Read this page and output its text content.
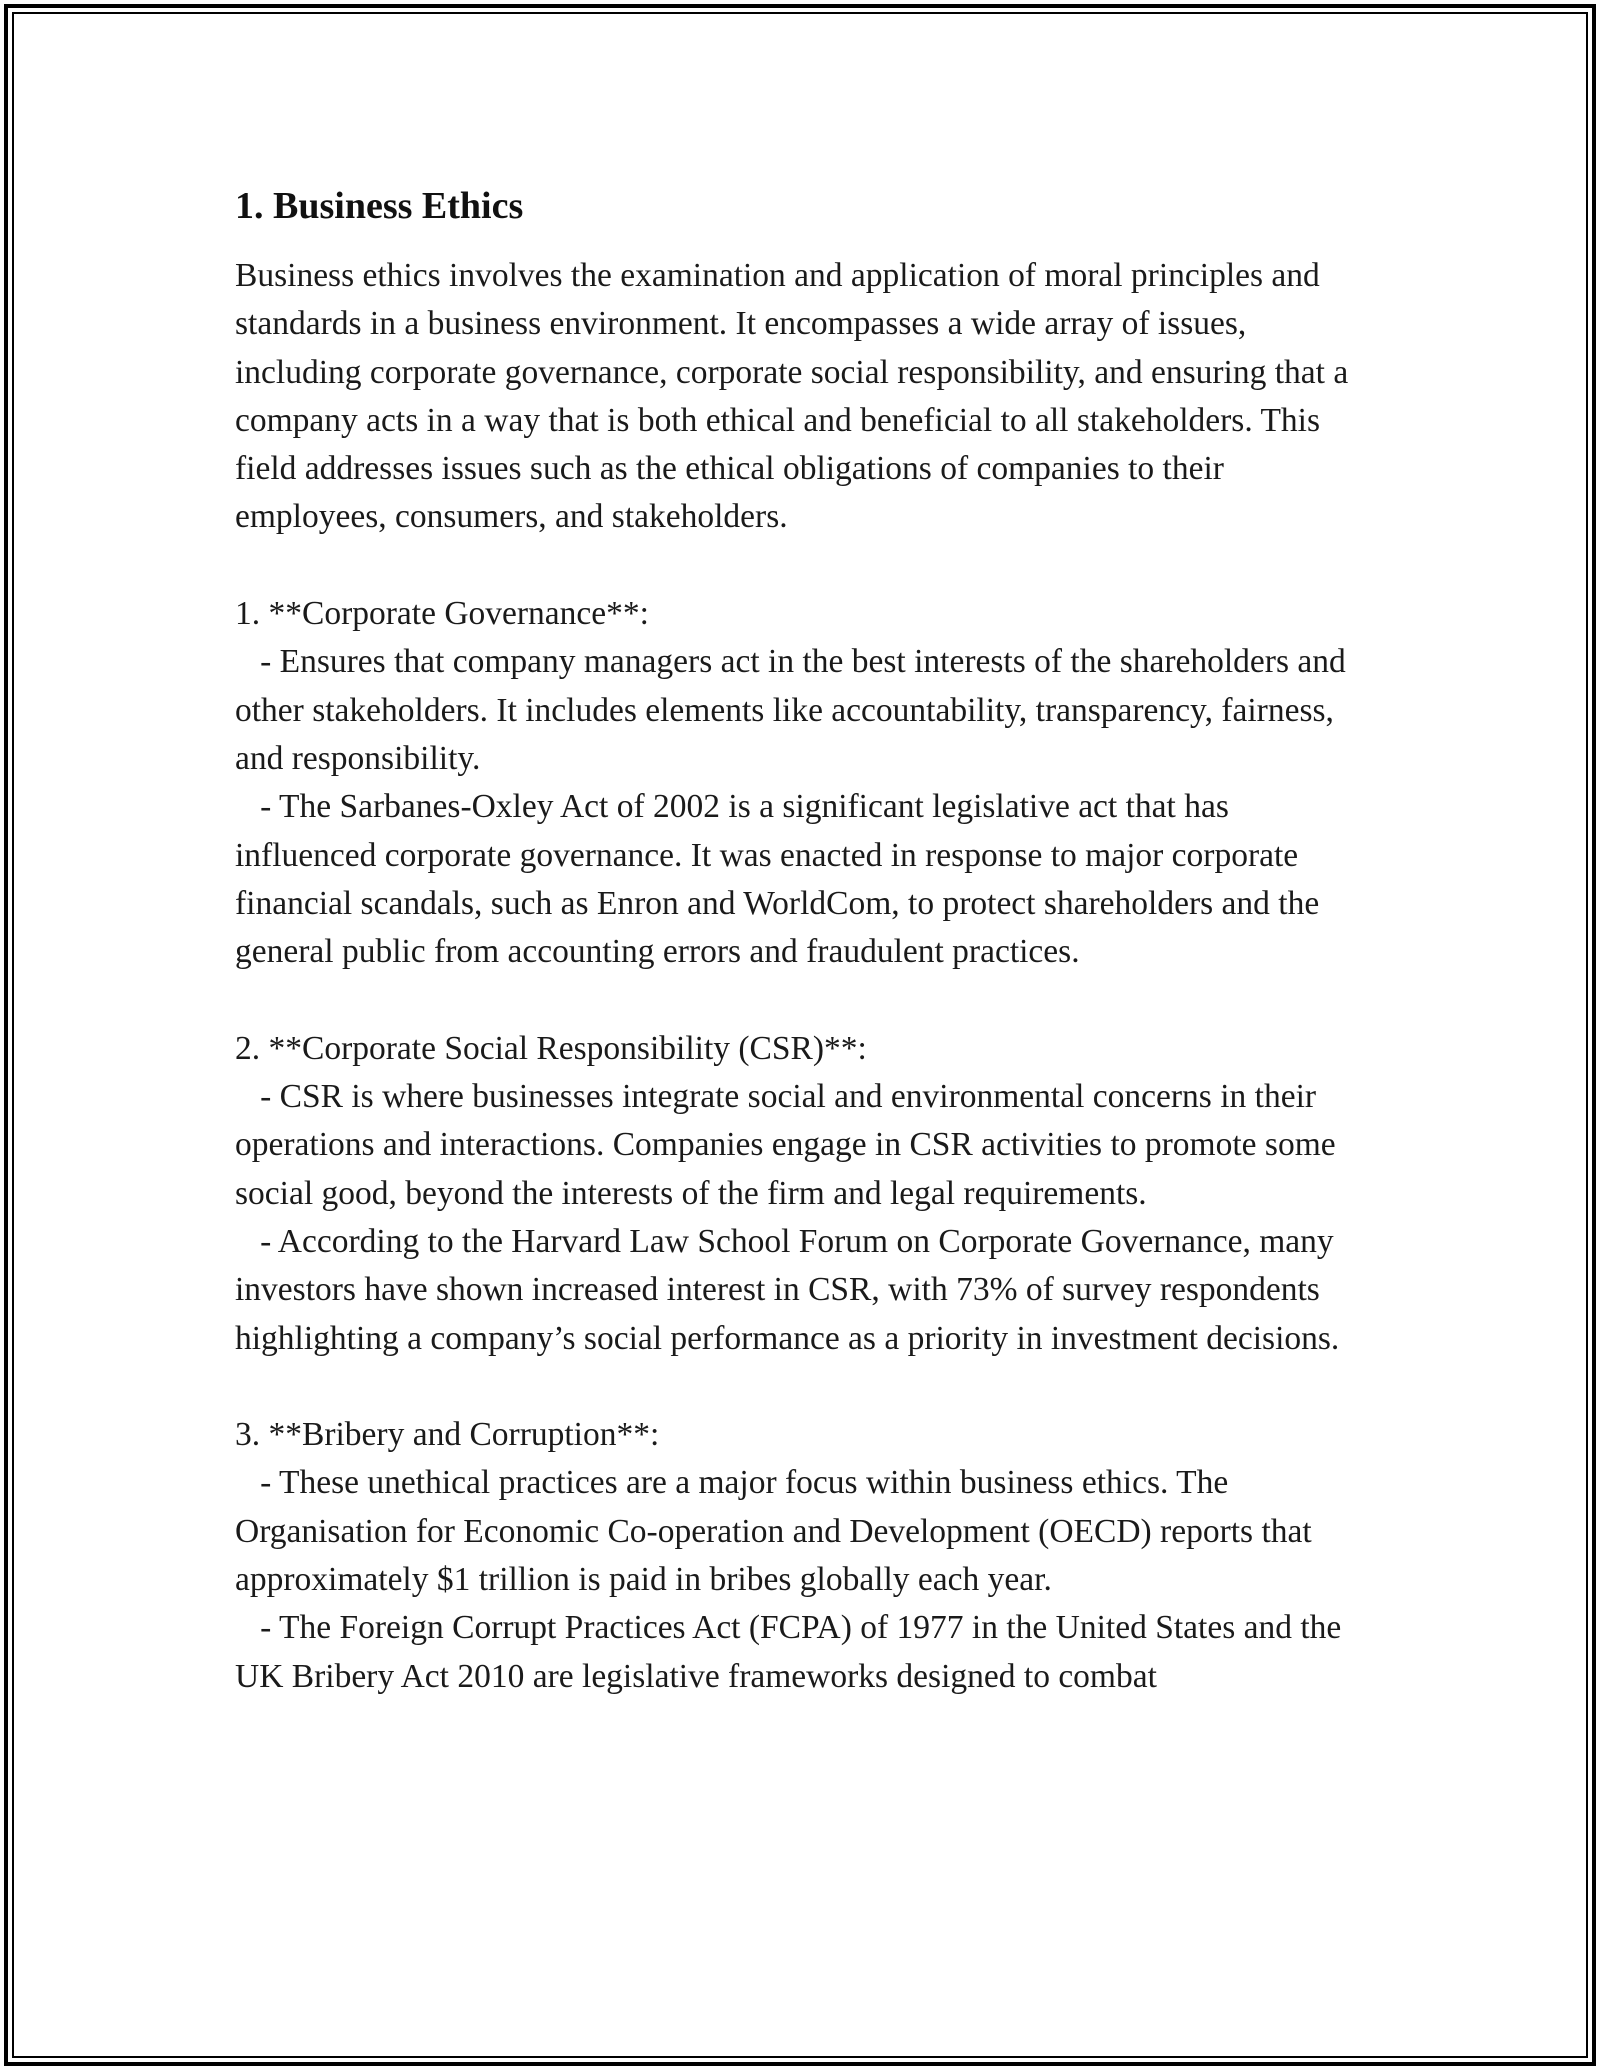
1. Business Ethics

Business ethics involves the examination and application of moral principles and standards in a business environment. It encompasses a wide array of issues, including corporate governance, corporate social responsibility, and ensuring that a company acts in a way that is both ethical and beneficial to all stakeholders. This field addresses issues such as the ethical obligations of companies to their employees, consumers, and stakeholders.

1. **Corporate Governance**:

- Ensures that company managers act in the best interests of the shareholders and other stakeholders. It includes elements like accountability, transparency, fairness, and responsibility.

- The Sarbanes-Oxley Act of 2002 is a significant legislative act that has influenced corporate governance. It was enacted in response to major corporate financial scandals, such as Enron and WorldCom, to protect shareholders and the general public from accounting errors and fraudulent practices.

2. **Corporate Social Responsibility (CSR)**:

- CSR is where businesses integrate social and environmental concerns in their operations and interactions. Companies engage in CSR activities to promote some social good, beyond the interests of the firm and legal requirements.

- According to the Harvard Law School Forum on Corporate Governance, many investors have shown increased interest in CSR, with 73% of survey respondents highlighting a company’s social performance as a priority in investment decisions.

3. **Bribery and Corruption**:

- These unethical practices are a major focus within business ethics. The Organisation for Economic Co-operation and Development (OECD) reports that approximately $1 trillion is paid in bribes globally each year.

- The Foreign Corrupt Practices Act (FCPA) of 1977 in the United States and the UK Bribery Act 2010 are legislative frameworks designed to combat
